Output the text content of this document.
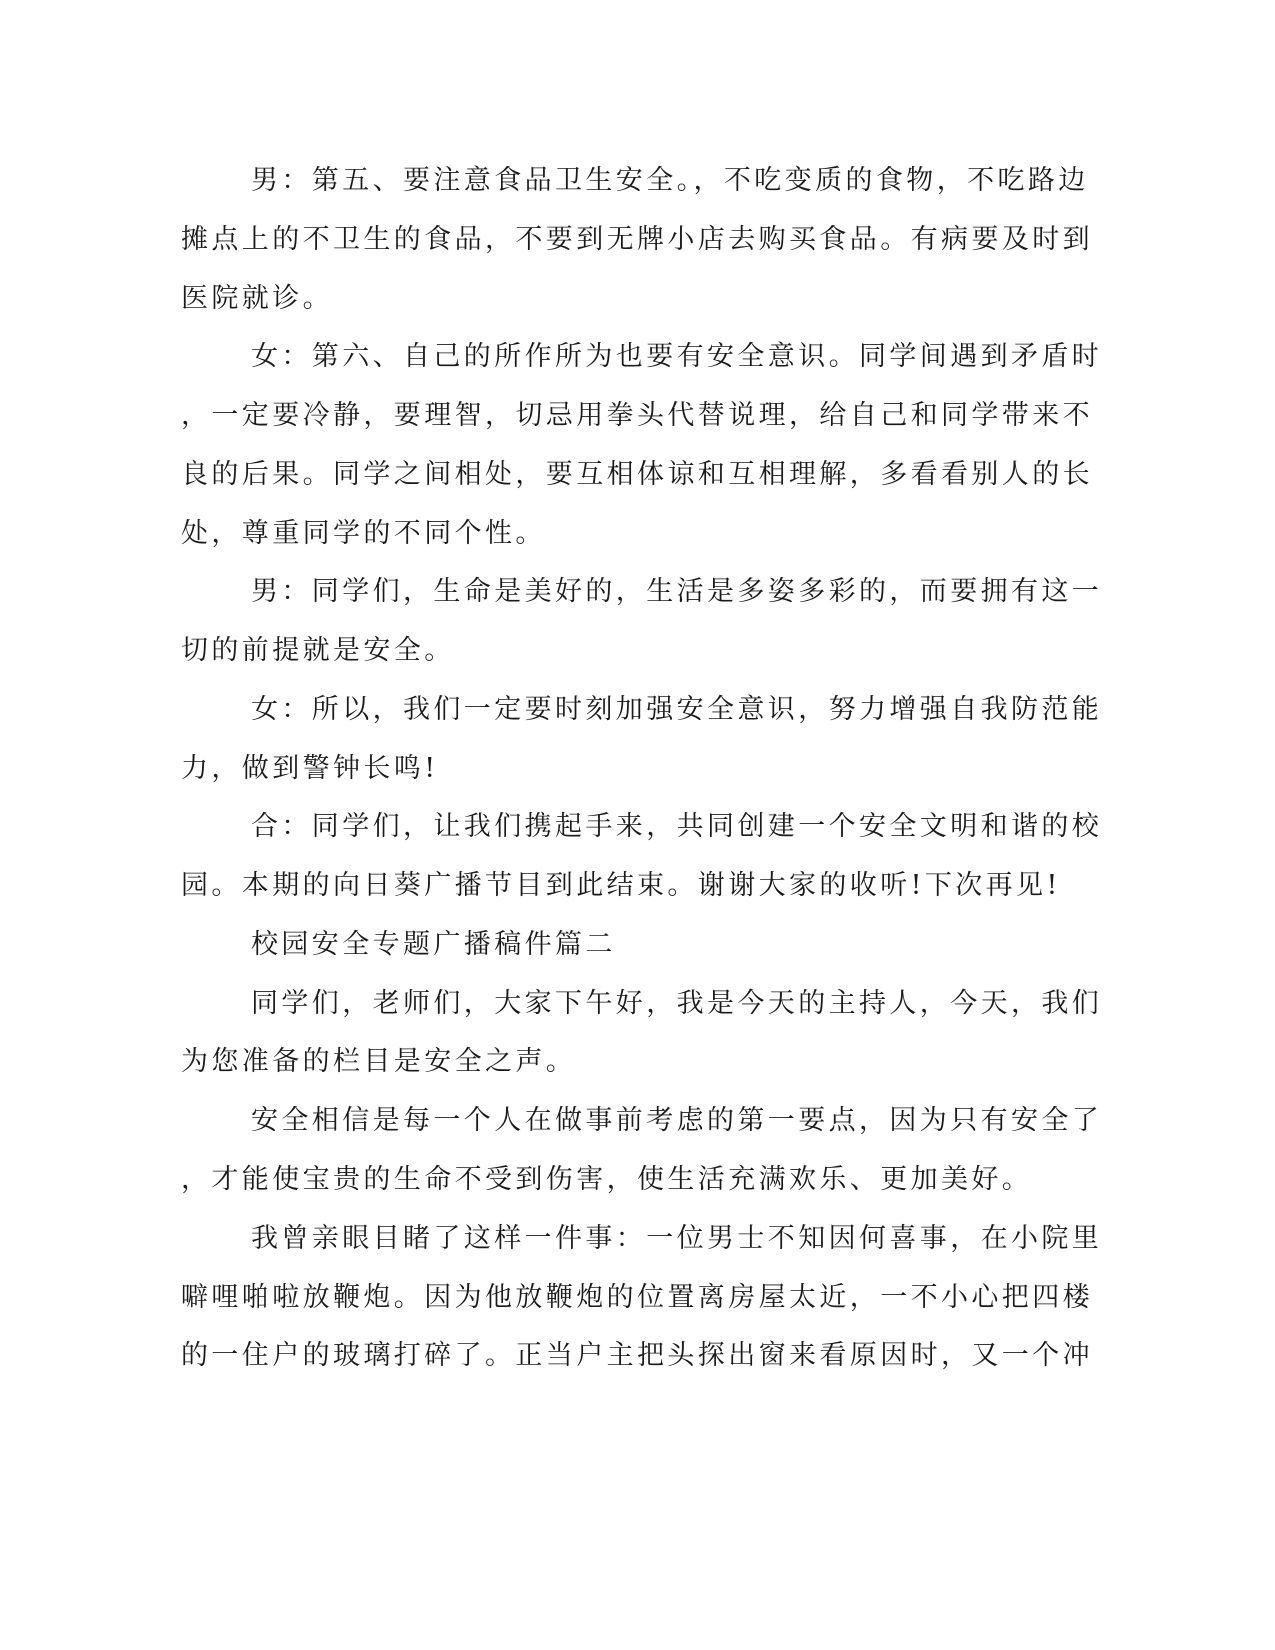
男：第五、要注意食品卫生安全。，不吃变质的食物，不吃路边
摊点上的不卫生的食品，不要到无牌小店去购买食品。有病要及时到
医院就诊。
女：第六、自己的所作所为也要有安全意识。同学间遇到矛盾时
，一定要冷静，要理智，切忌用拳头代替说理，给自己和同学带来不
良的后果。同学之间相处，要互相体谅和互相理解，多看看别人的长
处，尊重同学的不同个性。
男：同学们，生命是美好的，生活是多姿多彩的，而要拥有这一
切的前提就是安全。
女：所以，我们一定要时刻加强安全意识，努力增强自我防范能
力，做到警钟长鸣!
合：同学们，让我们携起手来，共同创建一个安全文明和谐的校
园。本期的向日葵广播节目到此结束。谢谢大家的收听!下次再见!
校园安全专题广播稿件篇二
同学们，老师们，大家下午好，我是今天的主持人，今天，我们
为您准备的栏目是安全之声。
安全相信是每一个人在做事前考虑的第一要点，因为只有安全了
，才能使宝贵的生命不受到伤害，使生活充满欢乐、更加美好。
我曾亲眼目睹了这样一件事：一位男士不知因何喜事，在小院里
噼哩啪啦放鞭炮。因为他放鞭炮的位置离房屋太近，一不小心把四楼
的一住户的玻璃打碎了。正当户主把头探出窗来看原因时，又一个冲
